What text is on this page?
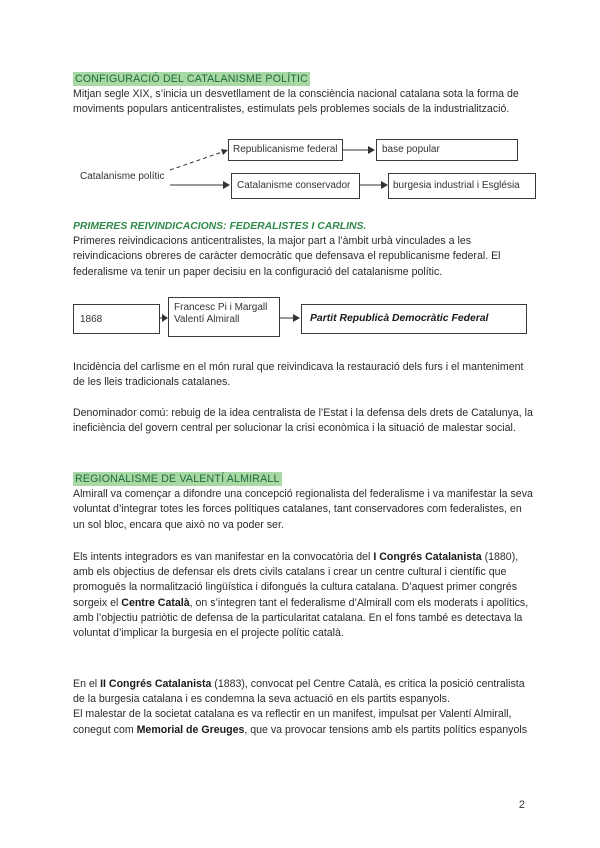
CONFIGURACIÓ DEL CATALANISME POLÍTIC

Mitjan segle XIX, s’inicia un desvetllament de la consciència nacional catalana sota la forma de moviments populars anticentralistes, estimulats pels problemes socials de la industrialització.

Catalanisme polític
Republicanisme federal	base popular
Catalanisme conservador	burgesia industrial i Església
PRIMERES REIVINDICACIONS: FEDERALISTES I CARLINS.

Primeres reivindicacions anticentralistes, la major part a l’àmbit urbà vinculades a les reivindicacions obreres de caràcter democràtic que defensava el republicanisme federal. El federalisme va tenir un paper decisiu en la configuració del catalanisme polític.

1868
Francesc Pi i Margall
Valentí Almirall	Partit Republicà Democràtic Federal

Incidència del carlisme en el món rural que reivindicava la restauració dels furs i el manteniment de les lleis tradicionals catalanes.

Denominador comú: rebuig de la idea centralista de l’Estat i la defensa dels drets de Catalunya, la ineficiència del govern central per solucionar la crisi econòmica i la situació de malestar social.

REGIONALISME DE VALENTÍ ALMIRALL

Almirall va començar a difondre una concepció regionalista del federalisme i va manifestar la seva voluntat d’integrar totes les forces polítiques catalanes, tant conservadores com federalistes, en un sol bloc, encara que això no va poder ser.

Els intents integradors es van manifestar en la convocatòria del I Congrés Catalanista (1880), amb els objectius de defensar els drets civils catalans i crear un centre cultural i científic que promogués la normalització lingüística i difongués la cultura catalana. D’aquest primer congrés sorgeix el Centre Català, on s’integren tant el federalisme d’Almirall com els moderats i apolítics, amb l’objectiu patriòtic de defensa de la particularitat catalana. En el fons també es detectava la voluntat d’implicar la burgesia en el projecte polític català.

En el II Congrés Catalanista (1883), convocat pel Centre Català, es critica la posició centralista de la burgesia catalana i es condemna la seva actuació en els partits espanyols.

El malestar de la societat catalana es va reflectir en un manifest, impulsat per Valentí Almirall, conegut com Memorial de Greuges, que va provocar tensions amb els partits polítics espanyols

2
